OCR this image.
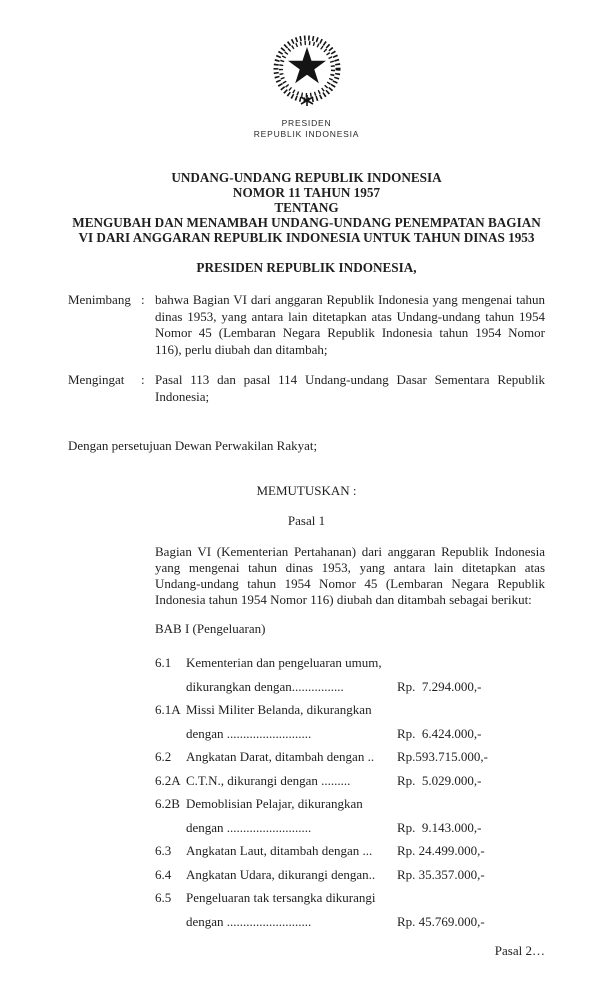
PRESIDEN
REPUBLIK INDONESIA
UNDANG-UNDANG REPUBLIK INDONESIA
NOMOR 11 TAHUN 1957
TENTANG
MENGUBAH DAN MENAMBAH UNDANG-UNDANG PENEMPATAN BAGIAN
VI DARI ANGGARAN REPUBLIK INDONESIA UNTUK TAHUN DINAS 1953
PRESIDEN REPUBLIK INDONESIA,
Menimbang : bahwa Bagian VI dari anggaran Republik Indonesia yang mengenai tahun dinas 1953, yang antara lain ditetapkan atas Undang-undang tahun 1954 Nomor 45 (Lembaran Negara Republik Indonesia tahun 1954 Nomor 116), perlu diubah dan ditambah;
Mengingat	: Pasal 113 dan pasal 114 Undang-undang Dasar Sementara Republik Indonesia;
Dengan persetujuan Dewan Perwakilan Rakyat;
MEMUTUSKAN :
Pasal 1
Bagian VI (Kementerian Pertahanan) dari anggaran Republik Indonesia yang mengenai tahun dinas 1953, yang antara lain ditetapkan atas Undang-undang tahun 1954 Nomor 45 (Lembaran Negara Republik Indonesia tahun 1954 Nomor 116) diubah dan ditambah sebagai berikut:
BAB I (Pengeluaran)
6.1	Kementerian dan pengeluaran umum,
dikurangkan dengan................	Rp.  7.294.000,-
6.1A Missi Militer Belanda, dikurangkan
dengan ..........................	Rp.  6.424.000,-
6.2	Angkatan Darat, ditambah dengan ..	Rp.593.715.000,-
6.2A C.T.N., dikurangi dengan .........	Rp.  5.029.000,-
6.2B Demoblisian Pelajar, dikurangkan
dengan ..........................	Rp.  9.143.000,-
6.3	Angkatan Laut, ditambah dengan ...	Rp. 24.499.000,-
6.4	Angkatan Udara, dikurangi dengan..	Rp. 35.357.000,-
6.5	Pengeluaran tak tersangka dikurangi
dengan ..........................	Rp. 45.769.000,-
Pasal 2…
